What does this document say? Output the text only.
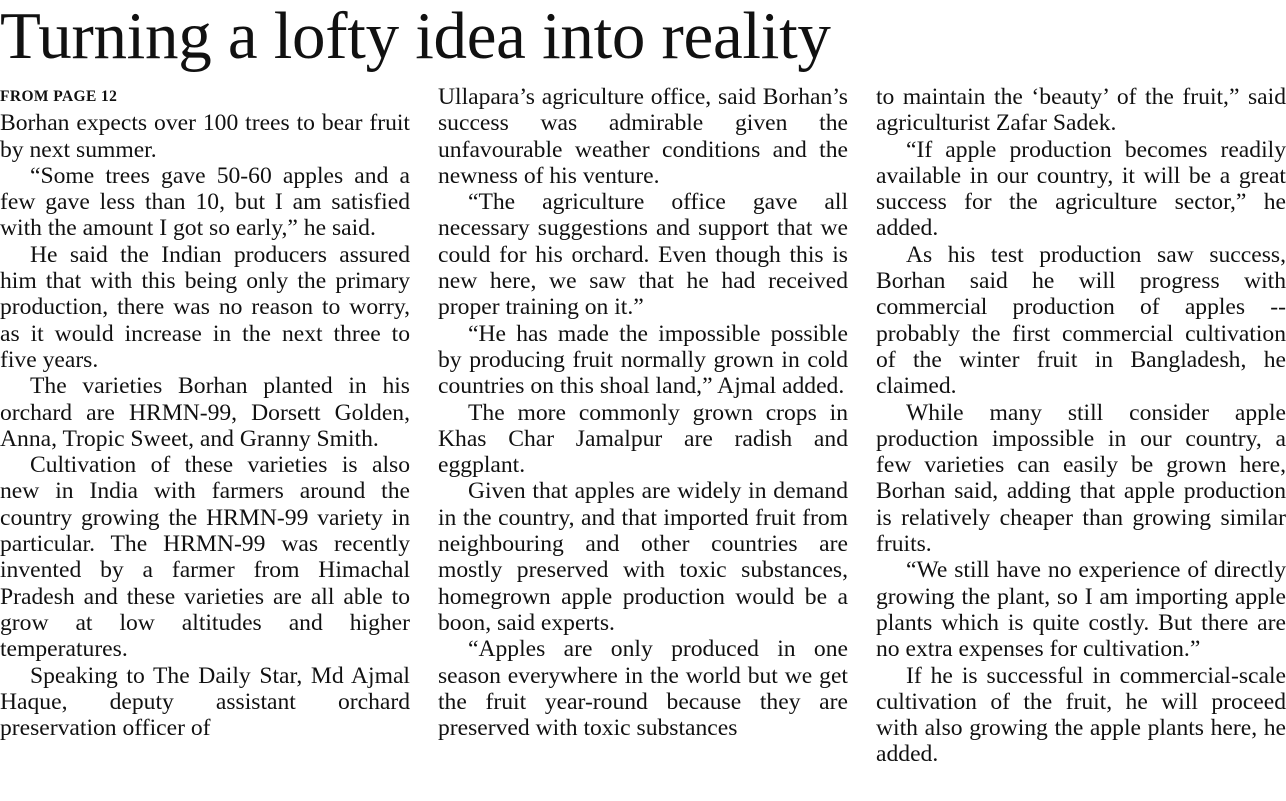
Turning a lofty idea into reality
FROM PAGE 12

Borhan expects over 100 trees to bear fruit by next summer.

“Some trees gave 50-60 apples and a few gave less than 10, but I am satisfied with the amount I got so early,” he said.

He said the Indian producers assured him that with this being only the primary production, there was no reason to worry, as it would increase in the next three to five years.

The varieties Borhan planted in his orchard are HRMN-99, Dorsett Golden, Anna, Tropic Sweet, and Granny Smith.

Cultivation of these varieties is also new in India with farmers around the country growing the HRMN-99 variety in particular. The HRMN-99 was recently invented by a farmer from Himachal Pradesh and these varieties are all able to grow at low altitudes and higher temperatures.

Speaking to The Daily Star, Md Ajmal Haque, deputy assistant orchard preservation officer of

Ullapara’s agriculture office, said Borhan’s success was admirable given the unfavourable weather conditions and the newness of his venture.

“The agriculture office gave all necessary suggestions and support that we could for his orchard. Even though this is new here, we saw that he had received proper training on it.”

“He has made the impossible possible by producing fruit normally grown in cold countries on this shoal land,” Ajmal added.

The more commonly grown crops in Khas Char Jamalpur are radish and eggplant.

Given that apples are widely in demand in the country, and that imported fruit from neighbouring and other countries are mostly preserved with toxic substances, homegrown apple production would be a boon, said experts.

“Apples are only produced in one season everywhere in the world but we get the fruit year-round because they are preserved with toxic substances

to maintain the ‘beauty’ of the fruit,” said agriculturist Zafar Sadek.

“If apple production becomes readily available in our country, it will be a great success for the agriculture sector,” he added.

As his test production saw success, Borhan said he will progress with commercial production of apples -- probably the first commercial cultivation of the winter fruit in Bangladesh, he claimed.

While many still consider apple production impossible in our country, a few varieties can easily be grown here, Borhan said, adding that apple production is relatively cheaper than growing similar fruits.

“We still have no experience of directly growing the plant, so I am importing apple plants which is quite costly. But there are no extra expenses for cultivation.”

If he is successful in commercial-scale cultivation of the fruit, he will proceed with also growing the apple plants here, he added.
